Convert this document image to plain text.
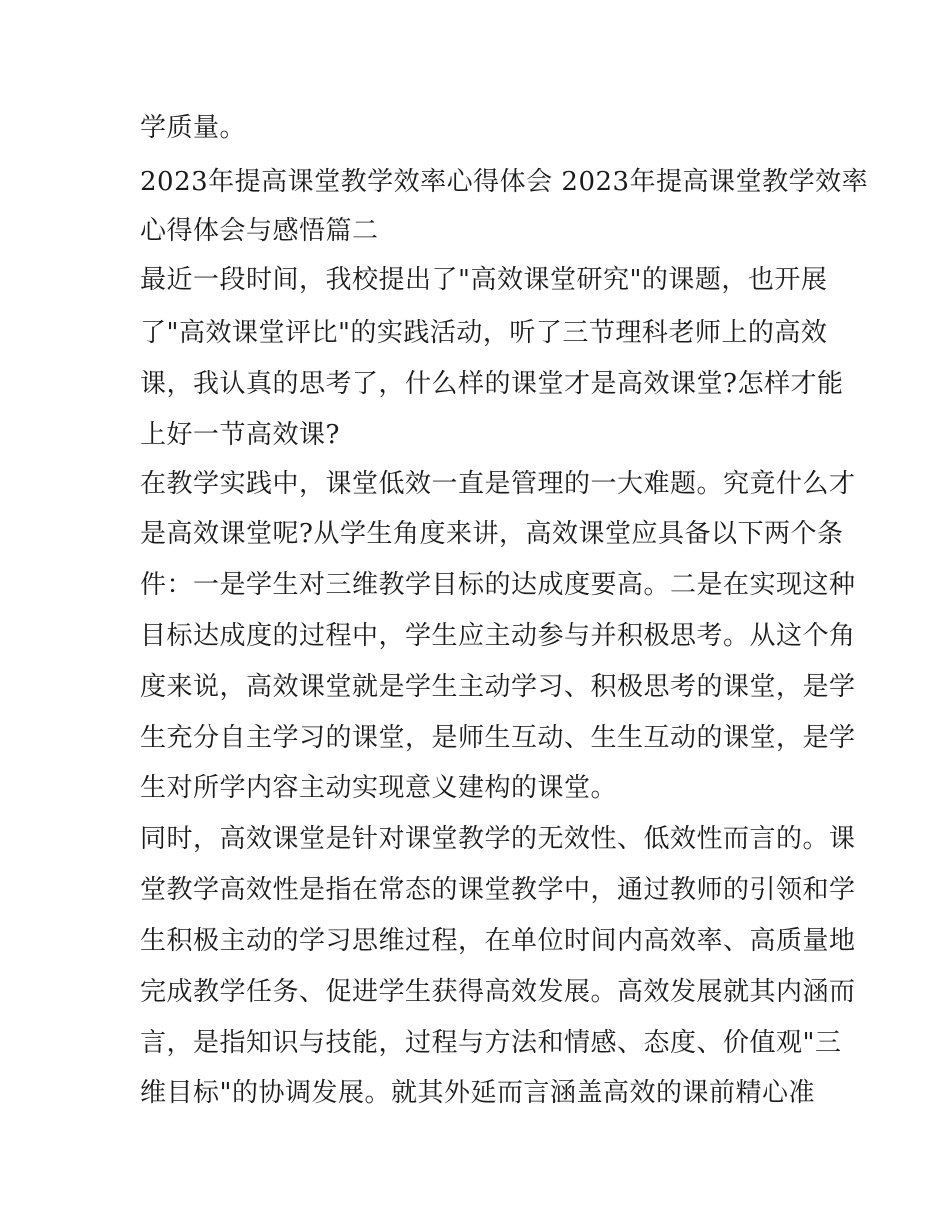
学质量。
2023年提高课堂教学效率心得体会 2023年提高课堂教学效率
心得体会与感悟篇二
最近一段时间，我校提出了"高效课堂研究"的课题，也开展
了"高效课堂评比"的实践活动，听了三节理科老师上的高效
课，我认真的思考了，什么样的课堂才是高效课堂?怎样才能
上好一节高效课?
在教学实践中，课堂低效一直是管理的一大难题。究竟什么才
是高效课堂呢?从学生角度来讲，高效课堂应具备以下两个条
件：一是学生对三维教学目标的达成度要高。二是在实现这种
目标达成度的过程中，学生应主动参与并积极思考。从这个角
度来说，高效课堂就是学生主动学习、积极思考的课堂，是学
生充分自主学习的课堂，是师生互动、生生互动的课堂，是学
生对所学内容主动实现意义建构的课堂。
同时，高效课堂是针对课堂教学的无效性、低效性而言的。课
堂教学高效性是指在常态的课堂教学中，通过教师的引领和学
生积极主动的学习思维过程，在单位时间内高效率、高质量地
完成教学任务、促进学生获得高效发展。高效发展就其内涵而
言，是指知识与技能，过程与方法和情感、态度、价值观"三
维目标"的协调发展。就其外延而言涵盖高效的课前精心准
